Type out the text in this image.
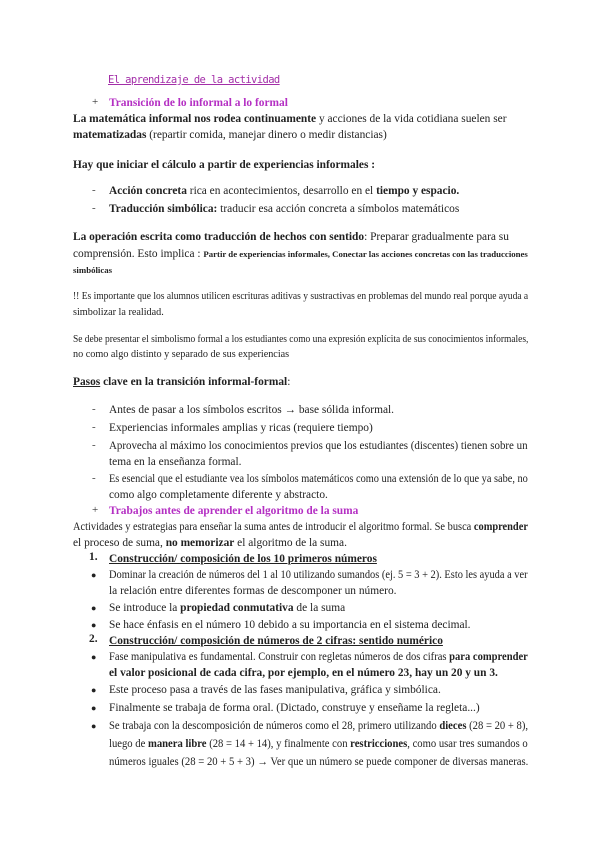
El aprendizaje de la actividad
+ Transición de lo informal a lo formal
La matemática informal nos rodea continuamente y acciones de la vida cotidiana suelen ser
matematizadas (repartir comida, manejar dinero o medir distancias)
Hay que iniciar el cálculo a partir de experiencias informales :
- Acción concreta rica en acontecimientos, desarrollo en el tiempo y espacio.
- Traducción simbólica: traducir esa acción concreta a símbolos matemáticos
La operación escrita como traducción de hechos con sentido: Preparar gradualmente para su
comprensión. Esto implica : Partir de experiencias informales, Conectar las acciones concretas con las traducciones
simbólicas
!! Es importante que los alumnos utilicen escrituras aditivas y sustractivas en problemas del mundo real porque ayuda a
simbolizar la realidad.
Se debe presentar el simbolismo formal a los estudiantes como una expresión explícita de sus conocimientos informales,
no como algo distinto y separado de sus experiencias
Pasos clave en la transición informal-formal:
- Antes de pasar a los símbolos escritos → base sólida informal.
- Experiencias informales amplias y ricas (requiere tiempo)
- Aprovecha al máximo los conocimientos previos que los estudiantes (discentes) tienen sobre un
tema en la enseñanza formal.
- Es esencial que el estudiante vea los símbolos matemáticos como una extensión de lo que ya sabe, no
como algo completamente diferente y abstracto.
+ Trabajos antes de aprender el algoritmo de la suma
Actividades y estrategias para enseñar la suma antes de introducir el algoritmo formal. Se busca comprender
el proceso de suma, no memorizar el algoritmo de la suma.
1. Construcción/ composición de los 10 primeros números
● Dominar la creación de números del 1 al 10 utilizando sumandos (ej. 5 = 3 + 2). Esto les ayuda a ver
la relación entre diferentes formas de descomponer un número.
● Se introduce la propiedad conmutativa de la suma
● Se hace énfasis en el número 10 debido a su importancia en el sistema decimal.
2. Construcción/ composición de números de 2 cifras: sentido numérico
● Fase manipulativa es fundamental. Construir con regletas números de dos cifras para comprender
el valor posicional de cada cifra, por ejemplo, en el número 23, hay un 20 y un 3.
● Este proceso pasa a través de las fases manipulativa, gráfica y simbólica.
● Finalmente se trabaja de forma oral. (Dictado, construye y enseñame la regleta...)
● Se trabaja con la descomposición de números como el 28, primero utilizando dieces (28 = 20 + 8),
luego de manera libre (28 = 14 + 14), y finalmente con restricciones, como usar tres sumandos o
números iguales (28 = 20 + 5 + 3) → Ver que un número se puede componer de diversas maneras.
